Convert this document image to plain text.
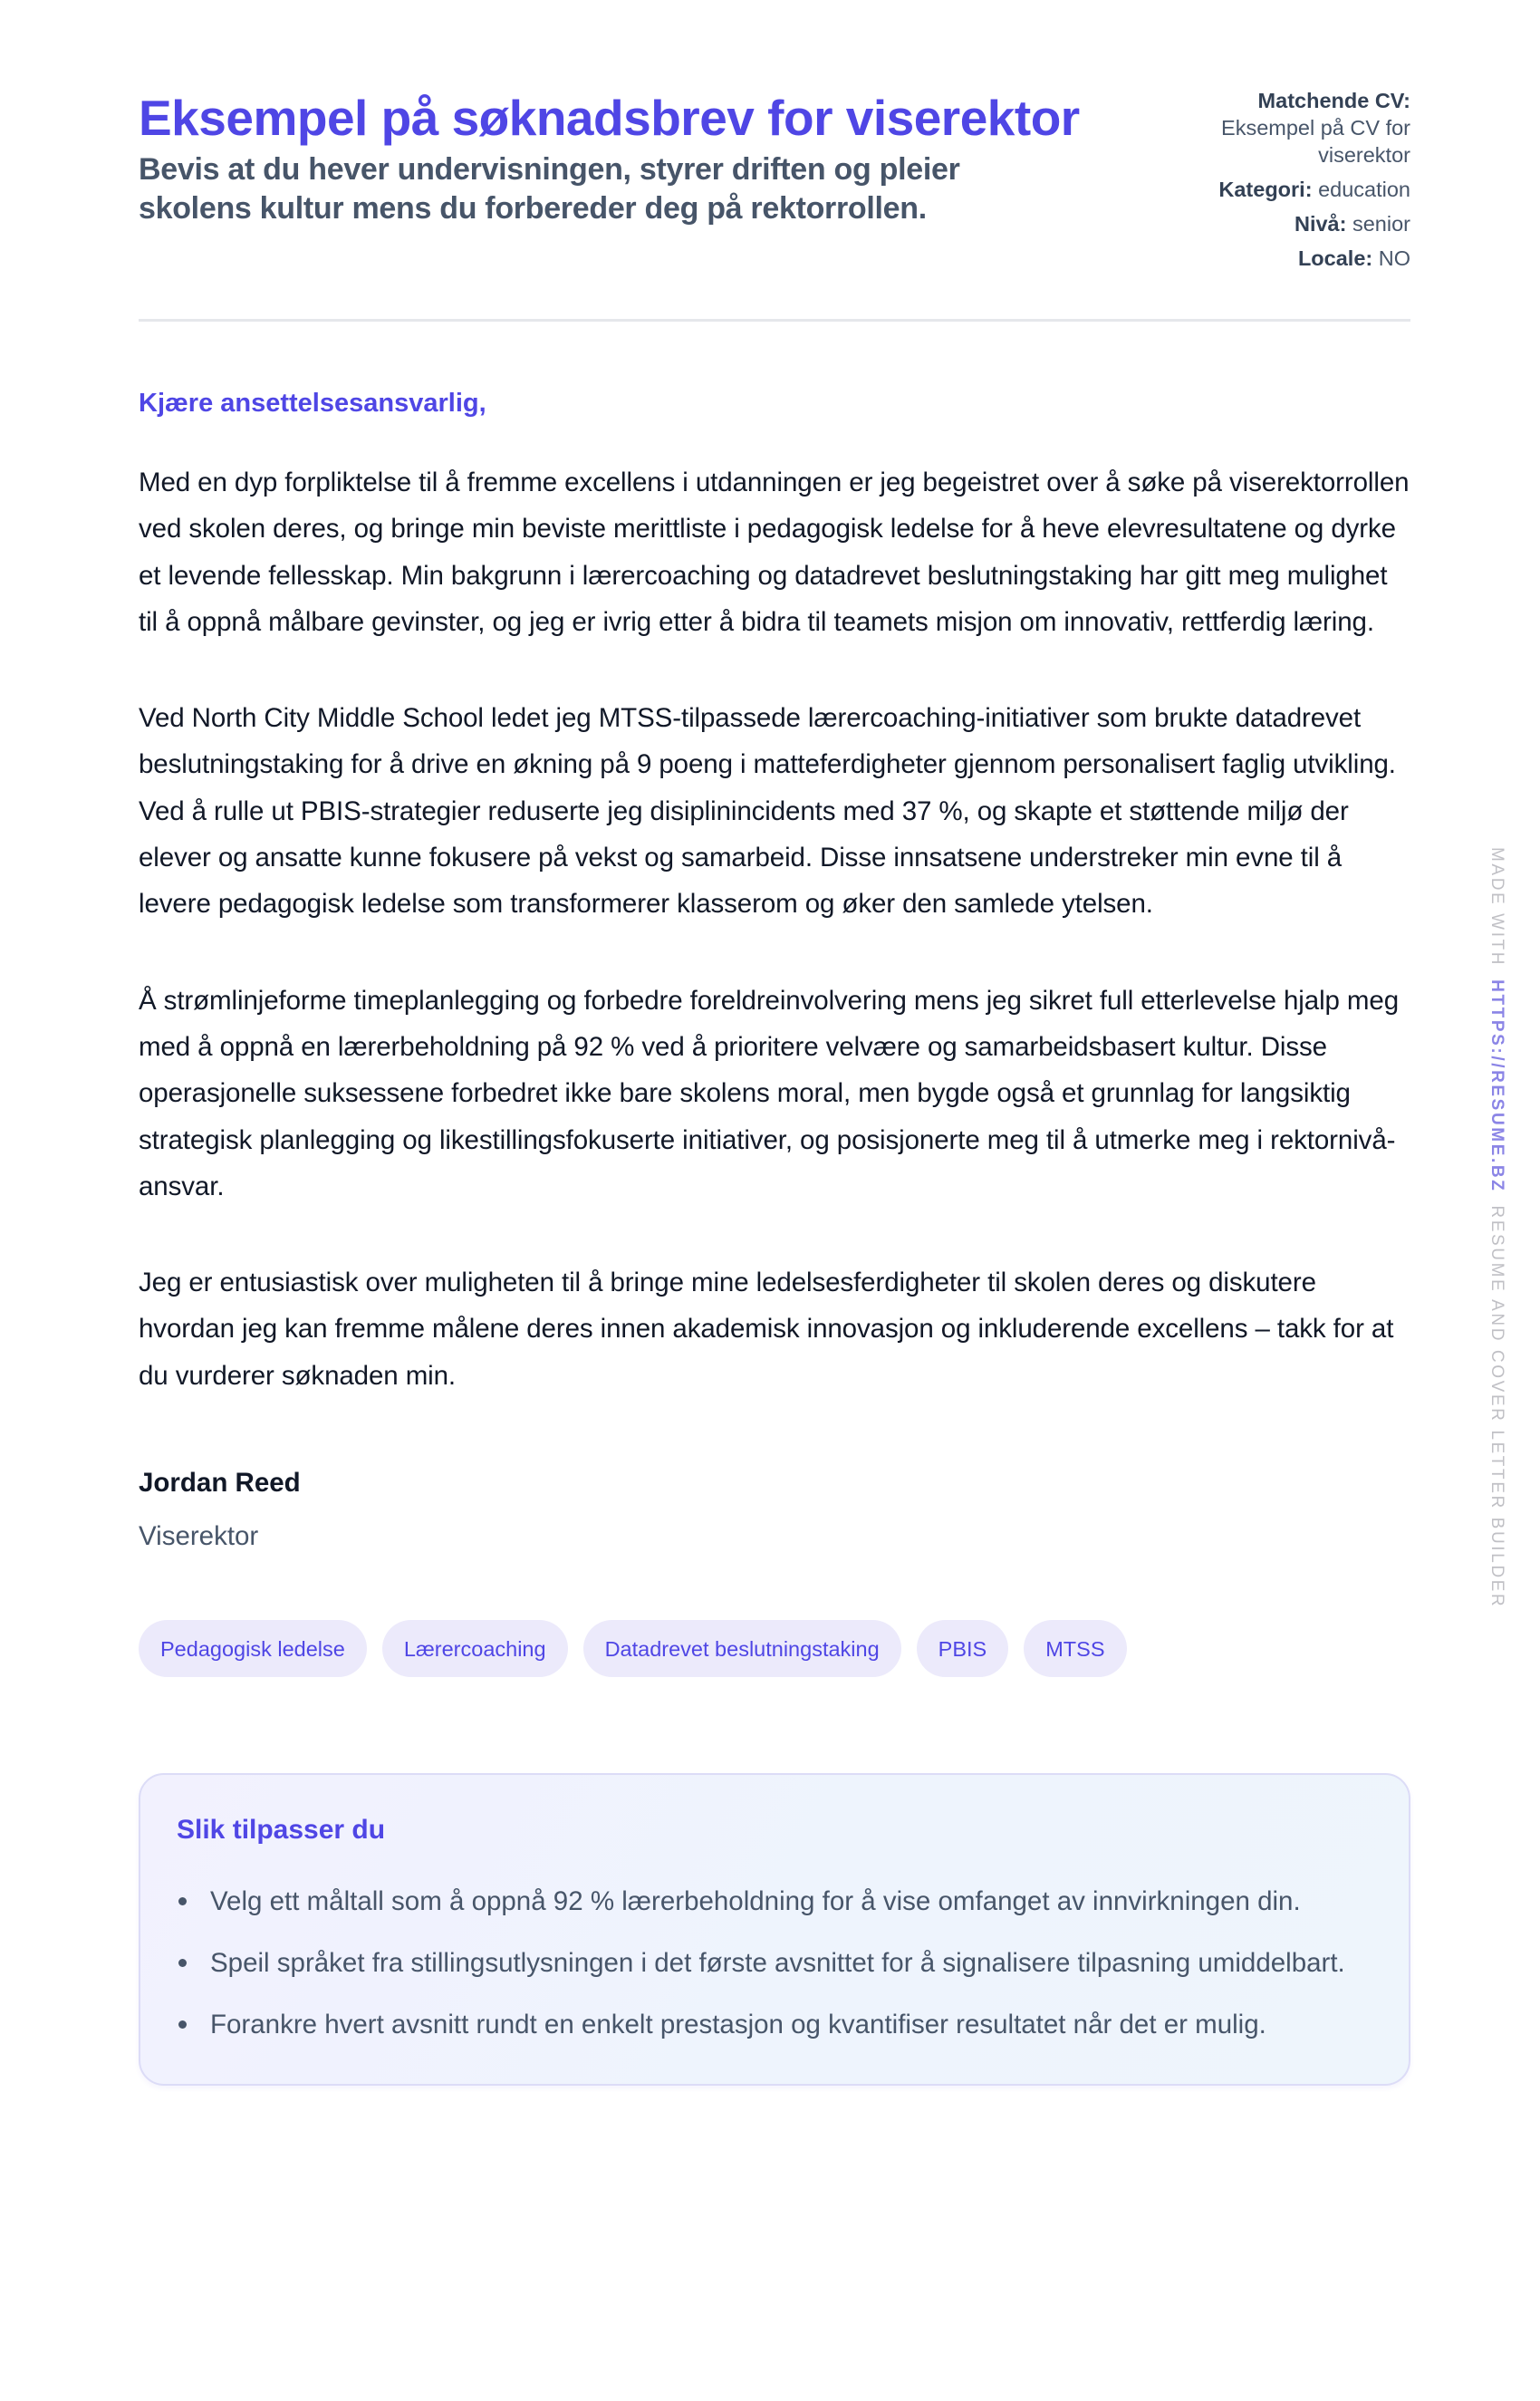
Eksempel på søknadsbrev for viserektor

Bevis at du hever undervisningen, styrer driften og pleier skolens kultur mens du forbereder deg på rektorrollen.

Matchende CV:
Eksempel på CV for viserektor
Kategori: education
Nivå: senior
Locale: NO

Kjære ansettelsesansvarlig,

Med en dyp forpliktelse til å fremme excellens i utdanningen er jeg begeistret over å søke på viserektorrollen ved skolen deres, og bringe min beviste merittliste i pedagogisk ledelse for å heve elevresultatene og dyrke et levende fellesskap. Min bakgrunn i lærercoaching og datadrevet beslutningstaking har gitt meg mulighet til å oppnå målbare gevinster, og jeg er ivrig etter å bidra til teamets misjon om innovativ, rettferdig læring.

Ved North City Middle School ledet jeg MTSS-tilpassede lærercoaching-initiativer som brukte datadrevet beslutningstaking for å drive en økning på 9 poeng i matteferdigheter gjennom personalisert faglig utvikling. Ved å rulle ut PBIS-strategier reduserte jeg disiplinincidents med 37 %, og skapte et støttende miljø der elever og ansatte kunne fokusere på vekst og samarbeid. Disse innsatsene understreker min evne til å levere pedagogisk ledelse som transformerer klasserom og øker den samlede ytelsen.

Å strømlinjeforme timeplanlegging og forbedre foreldreinvolvering mens jeg sikret full etterlevelse hjalp meg med å oppnå en lærerbeholdning på 92 % ved å prioritere velvære og samarbeidsbasert kultur. Disse operasjonelle suksessene forbedret ikke bare skolens moral, men bygde også et grunnlag for langsiktig strategisk planlegging og likestillingsfokuserte initiativer, og posisjonerte meg til å utmerke meg i rektornivå-ansvar.

Jeg er entusiastisk over muligheten til å bringe mine ledelsesferdigheter til skolen deres og diskutere hvordan jeg kan fremme målene deres innen akademisk innovasjon og inkluderende excellens – takk for at du vurderer søknaden min.

Jordan Reed

Viserektor

Pedagogisk ledelse	Lærercoaching	Datadrevet beslutningstaking	PBIS	MTSS
Slik tilpasser du
Velg ett måltall som å oppnå 92 % lærerbeholdning for å vise omfanget av innvirkningen din.
Speil språket fra stillingsutlysningen i det første avsnittet for å signalisere tilpasning umiddelbart.
Forankre hvert avsnitt rundt en enkelt prestasjon og kvantifiser resultatet når det er mulig.
MADE WITHHTTPS://RESUME.BZRESUME AND COVER LETTER BUILDER
